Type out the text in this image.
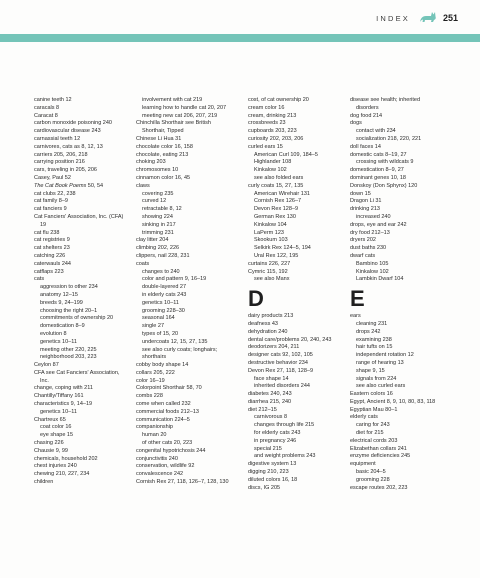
INDEX	251
canine teeth 12
caracals 8
Caracat 8
carbon monoxide poisoning 240
cardiovascular disease 243
carnassial teeth 12
carnivores, cats as 8, 12, 13
carriers 205, 206, 218
carrying position 216
cars, traveling in 205, 206
Casey, Paul 52
The Cat Book Poems 50, 54
cat clubs 22, 238
cat family 8–9
cat fanciers 9
Cat Fanciers' Association, Inc. (CFA)
19
cat flu 238
cat registries 9
cat shelters 23
catching 226
caterwauls 244
catflaps 223
cats
aggression to other 234
anatomy 12–15
breeds 9, 24–199
choosing the right 20–1
commitments of ownership 20
domestication 8–9
evolution 8
genetics 10–11
meeting other 220, 225
neighborhood 203, 223
Ceylon 87
CFA see Cat Fanciers' Association,
Inc.
change, coping with 211
Chantilly/Tiffany 161
characteristics 9, 14–19
genetics 10–11
Chartreux 65
coat color 16
eye shape 15
chasing 226
Chausie 9, 99
chemicals, household 202
chest injuries 240
chewing 210, 227, 234
children
involvement with cat 219
learning how to handle cat 20, 207
meeting new cat 206, 207, 219
Chinchilla Shorthair see British
Shorthair, Tipped
Chinese Li Hua 31
chocolate color 16, 158
chocolate, eating 213
choking 203
chromosomes 10
cinnamon color 16, 45
claws
covering 235
curved 12
retractable 8, 12
showing 224
sinking in 217
trimming 231
clay litter 204
climbing 202, 226
clippers, nail 228, 231
coats
changes to 240
color and pattern 9, 16–19
double-layered 27
in elderly cats 243
genetics 10–11
grooming 228–30
seasonal 164
single 27
types of 15, 20
undercoats 12, 15, 27, 135
see also curly coats; longhairs;
shorthairs
cobby body shape 14
collars 205, 222
color 16–19
Colorpoint Shorthair 58, 70
combs 228
come when called 232
commercial foods 212–13
communication 224–5
companionship
human 20
of other cats 20, 223
congenital hypotrichosis 244
conjunctivitis 240
conservation, wildlife 92
convalescence 242
Cornish Rex 27, 118, 126–7, 128, 130
cost, of cat ownership 20
cream color 16
cream, drinking 213
crossbreeds 23
cupboards 203, 223
curiosity 202, 203, 206
curled ears 15
American Curl 109, 184–5
Highlander 108
Kinkalow 102
see also folded ears
curly coats 15, 27, 135
American Wirehair 131
Cornish Rex 126–7
Devon Rex 128–9
German Rex 130
Kinkalow 104
LaPerm 123
Skookum 103
Selkirk Rex 124–5, 194
Ural Rex 122, 195
curtains 226, 227
Cymric 115, 192
see also Manx
D
dairy products 213
deafness 43
dehydration 240
dental care/problems 20, 240, 243
deodorizers 204, 211
designer cats 92, 102, 105
destructive behavior 234
Devon Rex 27, 118, 128–9
face shape 14
inherited disorders 244
diabetes 240, 243
diarrhea 215, 240
diet 212–15
carnivorous 8
changes through life 215
for elderly cats 243
in pregnancy 246
special 215
and weight problems 243
digestive system 13
digging 210, 223
diluted colors 16, 18
discs, IG 205
disease see health; inherited
disorders
dog food 214
dogs
contact with 234
socialization 218, 220, 221
doll faces 14
domestic cats 8–19, 27
crossing with wildcats 9
domestication 8–9, 27
dominant genes 10, 18
Donskoy (Don Sphynx) 120
down 15
Dragon Li 31
drinking 213
increased 240
drops, eye and ear 242
dry food 212–13
dryers 202
dust baths 230
dwarf cats
Bambino 105
Kinkalow 102
Lambkin Dwarf 104
E
ears
cleaning 231
drops 242
examining 238
hair tufts on 15
independent rotation 12
range of hearing 13
shape 9, 15
signals from 224
see also curled ears
Eastern colors 16
Egypt, Ancient 8, 9, 10, 80, 83, 118
Egyptian Mau 80–1
elderly cats
caring for 243
diet for 215
electrical cords 203
Elizabethan collars 241
enzyme deficiencies 245
equipment
basic 204–5
grooming 228
escape routes 202, 223
